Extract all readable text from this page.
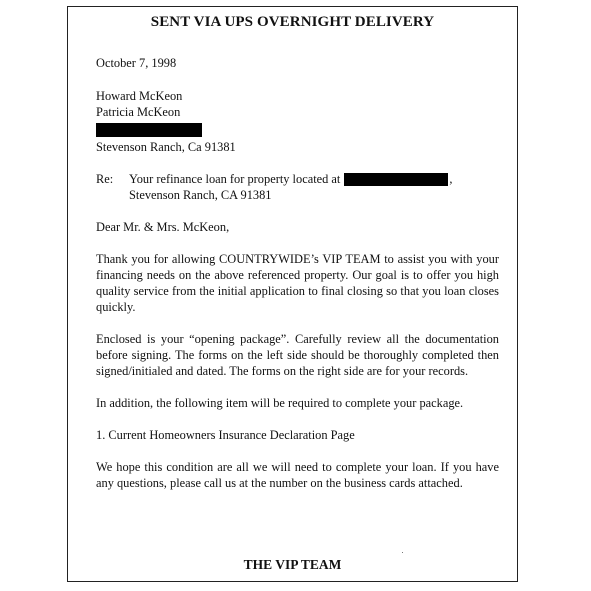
SENT VIA UPS OVERNIGHT DELIVERY
October 7, 1998
Howard McKeon
Patricia McKeon
Stevenson Ranch, Ca 91381
Re:	Your refinance loan for property located at	,
Stevenson Ranch, CA 91381
Dear Mr. & Mrs. McKeon,

Thank you for allowing COUNTRYWIDE’s VIP TEAM to assist you with your financing needs on the above referenced property. Our goal is to offer you high quality service from the initial application to final closing so that you loan closes quickly.

Enclosed is your “opening package”. Carefully review all the documentation before signing. The forms on the left side should be thoroughly completed then signed/initialed and dated. The forms on the right side are for your records.

In addition, the following item will be required to complete your package.

1. Current Homeowners Insurance Declaration Page

We hope this condition are all we will need to complete your loan. If you have any questions, please call us at the number on the business cards attached.

THE VIP TEAM
